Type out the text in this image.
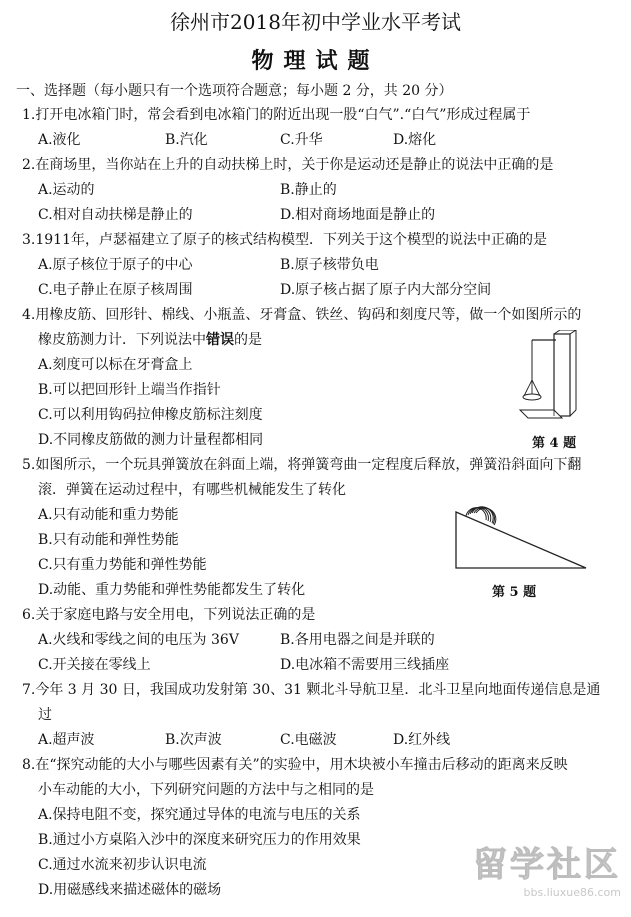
徐州市2018年初中学业水平考试
物理试题
一、选择题（每小题只有一个选项符合题意；每小题 2 分，共 20 分）
1.打开电冰箱门时，常会看到电冰箱门的附近出现一股“白气”.“白气”形成过程属于
A.液化	B.汽化	C.升华	D.熔化
2.在商场里，当你站在上升的自动扶梯上时，关于你是运动还是静止的说法中正确的是
A.运动的	B.静止的
C.相对自动扶梯是静止的	D.相对商场地面是静止的
3.1911年，卢瑟福建立了原子的核式结构模型．下列关于这个模型的说法中正确的是
A.原子核位于原子的中心	B.原子核带负电
C.电子静止在原子核周围	D.原子核占据了原子内大部分空间
4.用橡皮筋、回形针、棉线、小瓶盖、牙膏盒、铁丝、钩码和刻度尺等，做一个如图所示的
橡皮筋测力计．下列说法中错误的是
A.刻度可以标在牙膏盒上
B.可以把回形针上端当作指针
C.可以利用钩码拉伸橡皮筋标注刻度
D.不同橡皮筋做的测力计量程都相同	第 4 题
5.如图所示，一个玩具弹簧放在斜面上端，将弹簧弯曲一定程度后释放，弹簧沿斜面向下翻
滚．弹簧在运动过程中，有哪些机械能发生了转化
A.只有动能和重力势能
B.只有动能和弹性势能
C.只有重力势能和弹性势能
D.动能、重力势能和弹性势能都发生了转化	第 5 题
6.关于家庭电路与安全用电，下列说法正确的是
A.火线和零线之间的电压为 36V	B.各用电器之间是并联的
C.开关接在零线上	D.电冰箱不需要用三线插座
7.今年 3 月 30 日，我国成功发射第 30、31 颗北斗导航卫星．北斗卫星向地面传递信息是通
过
A.超声波	B.次声波	C.电磁波	D.红外线
8.在“探究动能的大小与哪些因素有关”的实验中，用木块被小车撞击后移动的距离来反映
小车动能的大小，下列研究问题的方法中与之相同的是
A.保持电阻不变，探究通过导体的电流与电压的关系
B.通过小方桌陷入沙中的深度来研究压力的作用效果
C.通过水流来初步认识电流
D.用磁感线来描述磁体的磁场
留学社区
bbs.liuxue86.com
